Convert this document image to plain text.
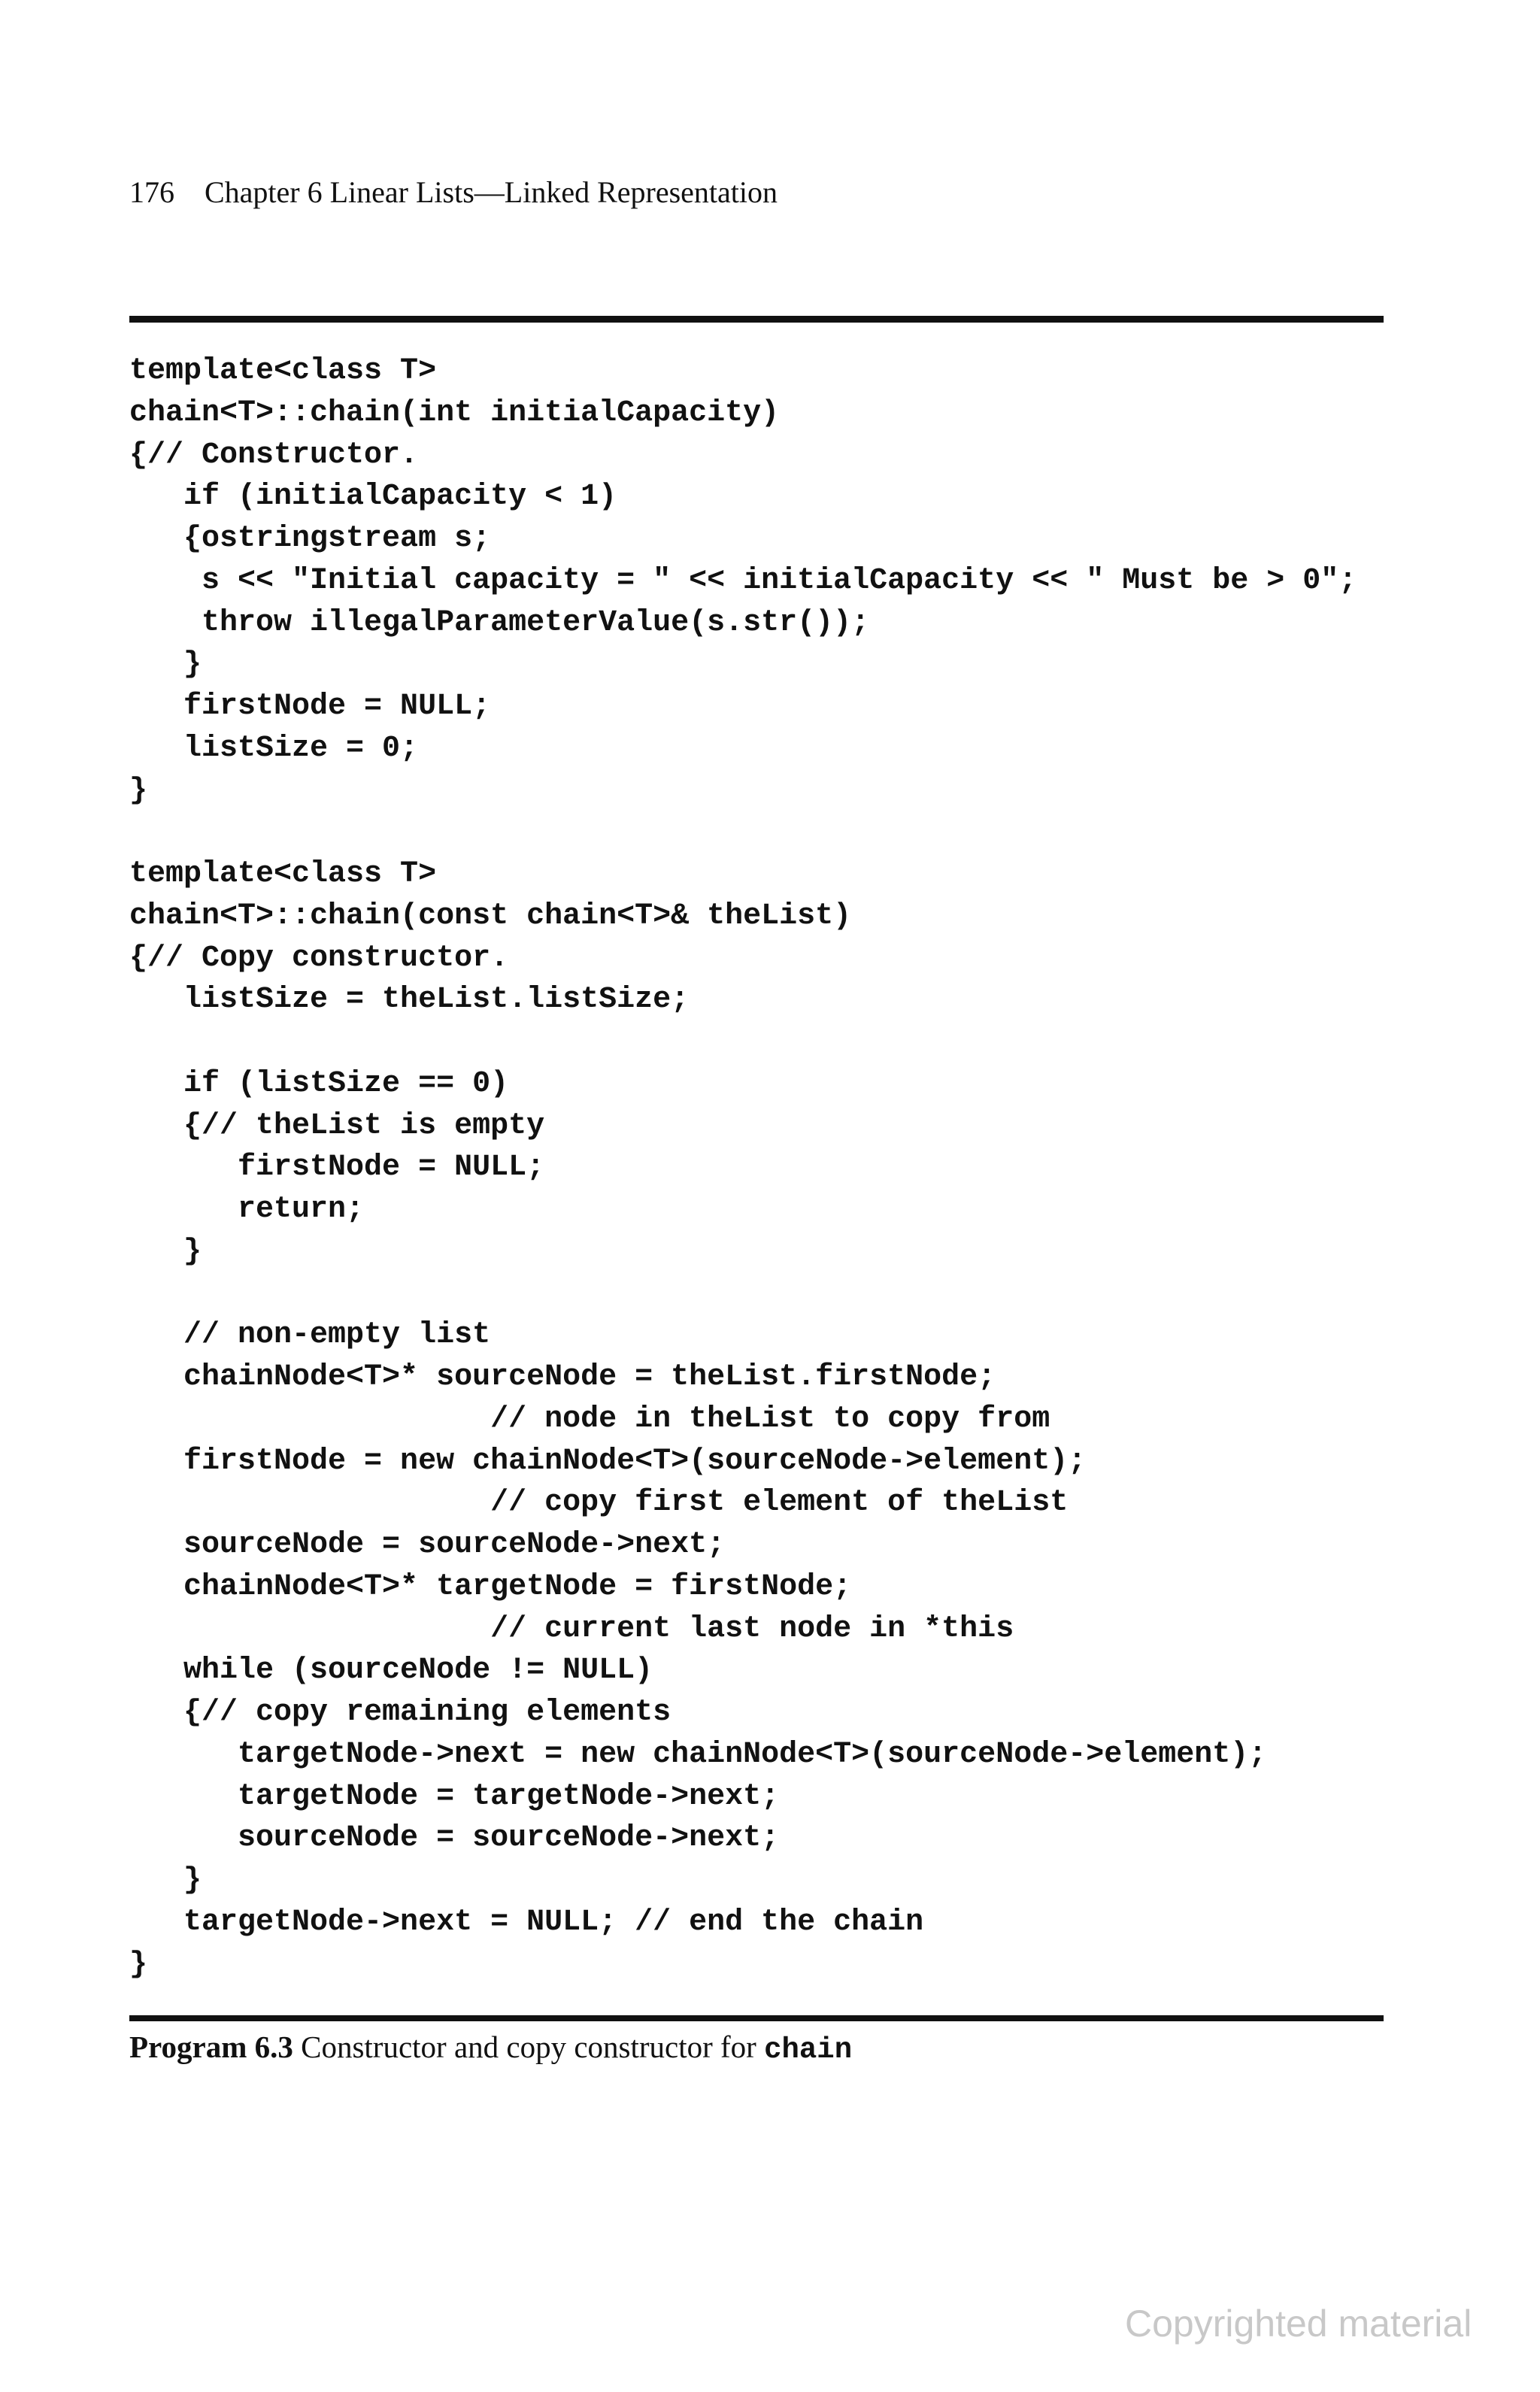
176 Chapter 6 Linear Lists—Linked Representation
template<class T>
chain<T>::chain(int initialCapacity)
{// Constructor.
if (initialCapacity < 1)
{ostringstream s;
s << "Initial capacity = " << initialCapacity << " Must be > 0";
throw illegalParameterValue(s.str());
}
firstNode = NULL;
listSize = 0;
}
template<class T>
chain<T>::chain(const chain<T>& theList)
{// Copy constructor.
listSize = theList.listSize;
if (listSize == 0)
{// theList is empty
firstNode = NULL;
return;
}
// non-empty list
chainNode<T>* sourceNode = theList.firstNode;
// node in theList to copy from
firstNode = new chainNode<T>(sourceNode->element);
// copy first element of theList
sourceNode = sourceNode->next;
chainNode<T>* targetNode = firstNode;
// current last node in *this
while (sourceNode != NULL)
{// copy remaining elements
targetNode->next = new chainNode<T>(sourceNode->element);
targetNode = targetNode->next;
sourceNode = sourceNode->next;
}
targetNode->next = NULL; // end the chain
}
Program 6.3 Constructor and copy constructor for chain
Copyrighted material
